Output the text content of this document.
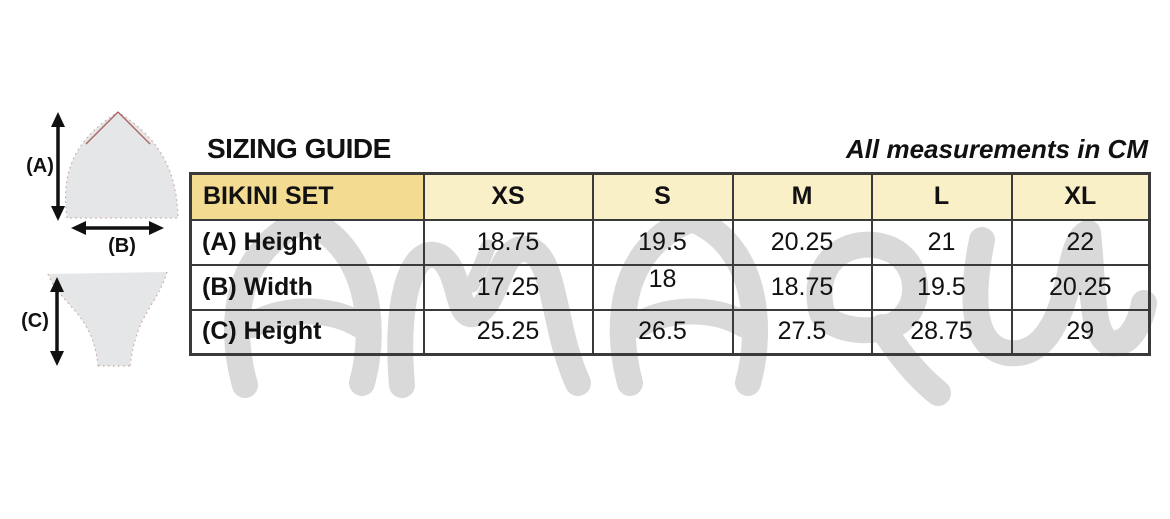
(A)
(B)
(C)
SIZING GUIDE	All measurements in CM
BIKINI SET	XS	S	M	L	XL
(A) Height	18.75	19.5	20.25	21	22
(B) Width	17.25	18	18.75	19.5	20.25
(C) Height	25.25	26.5	27.5	28.75	29
